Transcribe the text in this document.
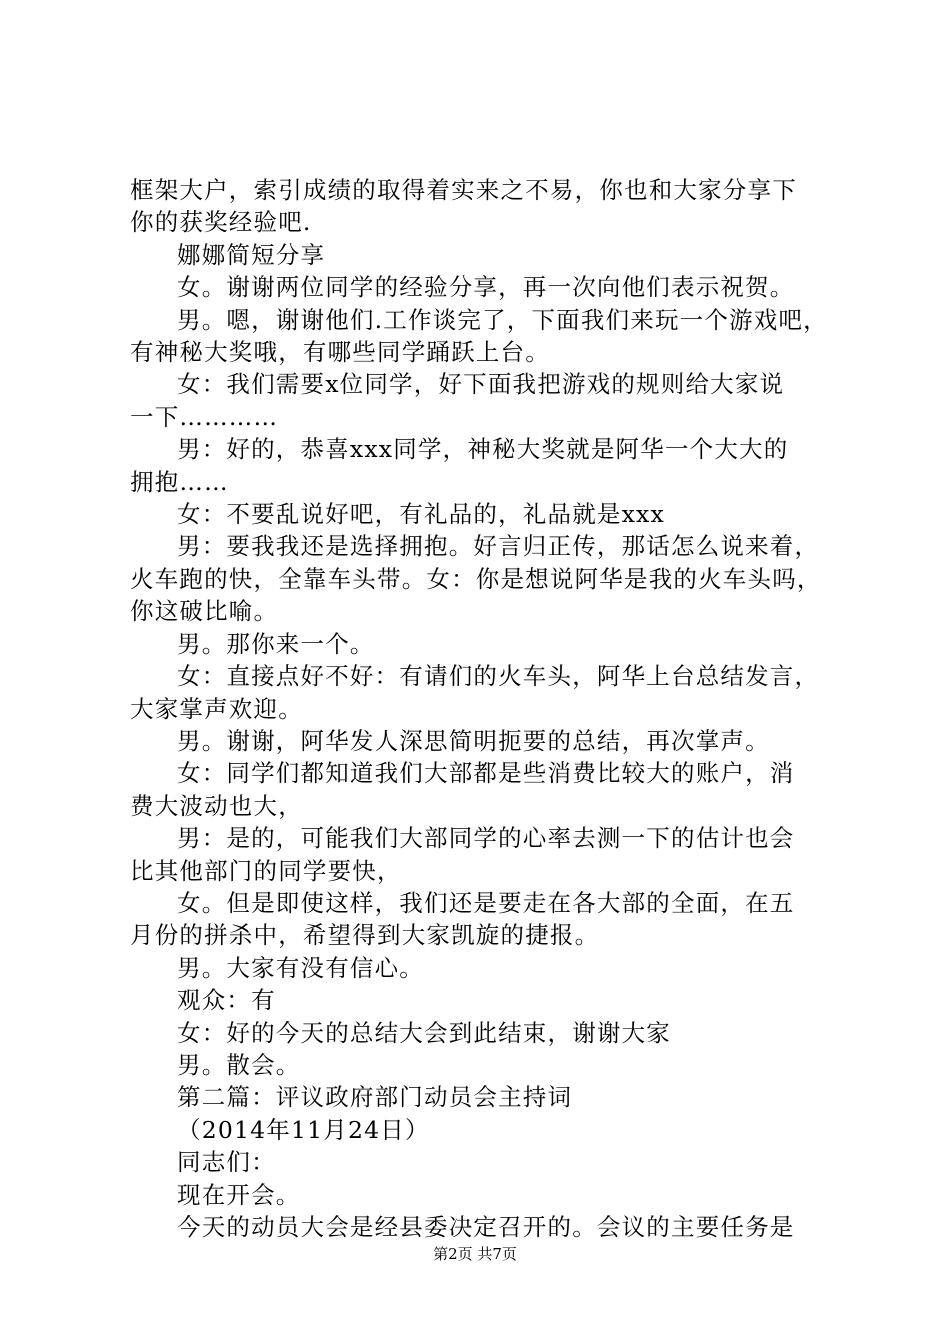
框架大户，索引成绩的取得着实来之不易，你也和大家分享下

你的获奖经验吧.

娜娜简短分享

女。谢谢两位同学的经验分享，再一次向他们表示祝贺。

男。嗯，谢谢他们.工作谈完了，下面我们来玩一个游戏吧，

有神秘大奖哦，有哪些同学踊跃上台。

女：我们需要x位同学，好下面我把游戏的规则给大家说

一下…………

男：好的，恭喜xxx同学，神秘大奖就是阿华一个大大的

拥抱……

女：不要乱说好吧，有礼品的，礼品就是xxx

男：要我我还是选择拥抱。好言归正传，那话怎么说来着，

火车跑的快，全靠车头带。女：你是想说阿华是我的火车头吗，

你这破比喻。

男。那你来一个。

女：直接点好不好：有请们的火车头，阿华上台总结发言，

大家掌声欢迎。

男。谢谢，阿华发人深思简明扼要的总结，再次掌声。

女：同学们都知道我们大部都是些消费比较大的账户，消

费大波动也大，

男：是的，可能我们大部同学的心率去测一下的估计也会

比其他部门的同学要快，

女。但是即使这样，我们还是要走在各大部的全面，在五

月份的拼杀中，希望得到大家凯旋的捷报。

男。大家有没有信心。

观众：有

女：好的今天的总结大会到此结束，谢谢大家

男。散会。

第二篇：评议政府部门动员会主持词

（2014年11月24日）

同志们：

现在开会。

今天的动员大会是经县委决定召开的。会议的主要任务是

第2页 共7页
